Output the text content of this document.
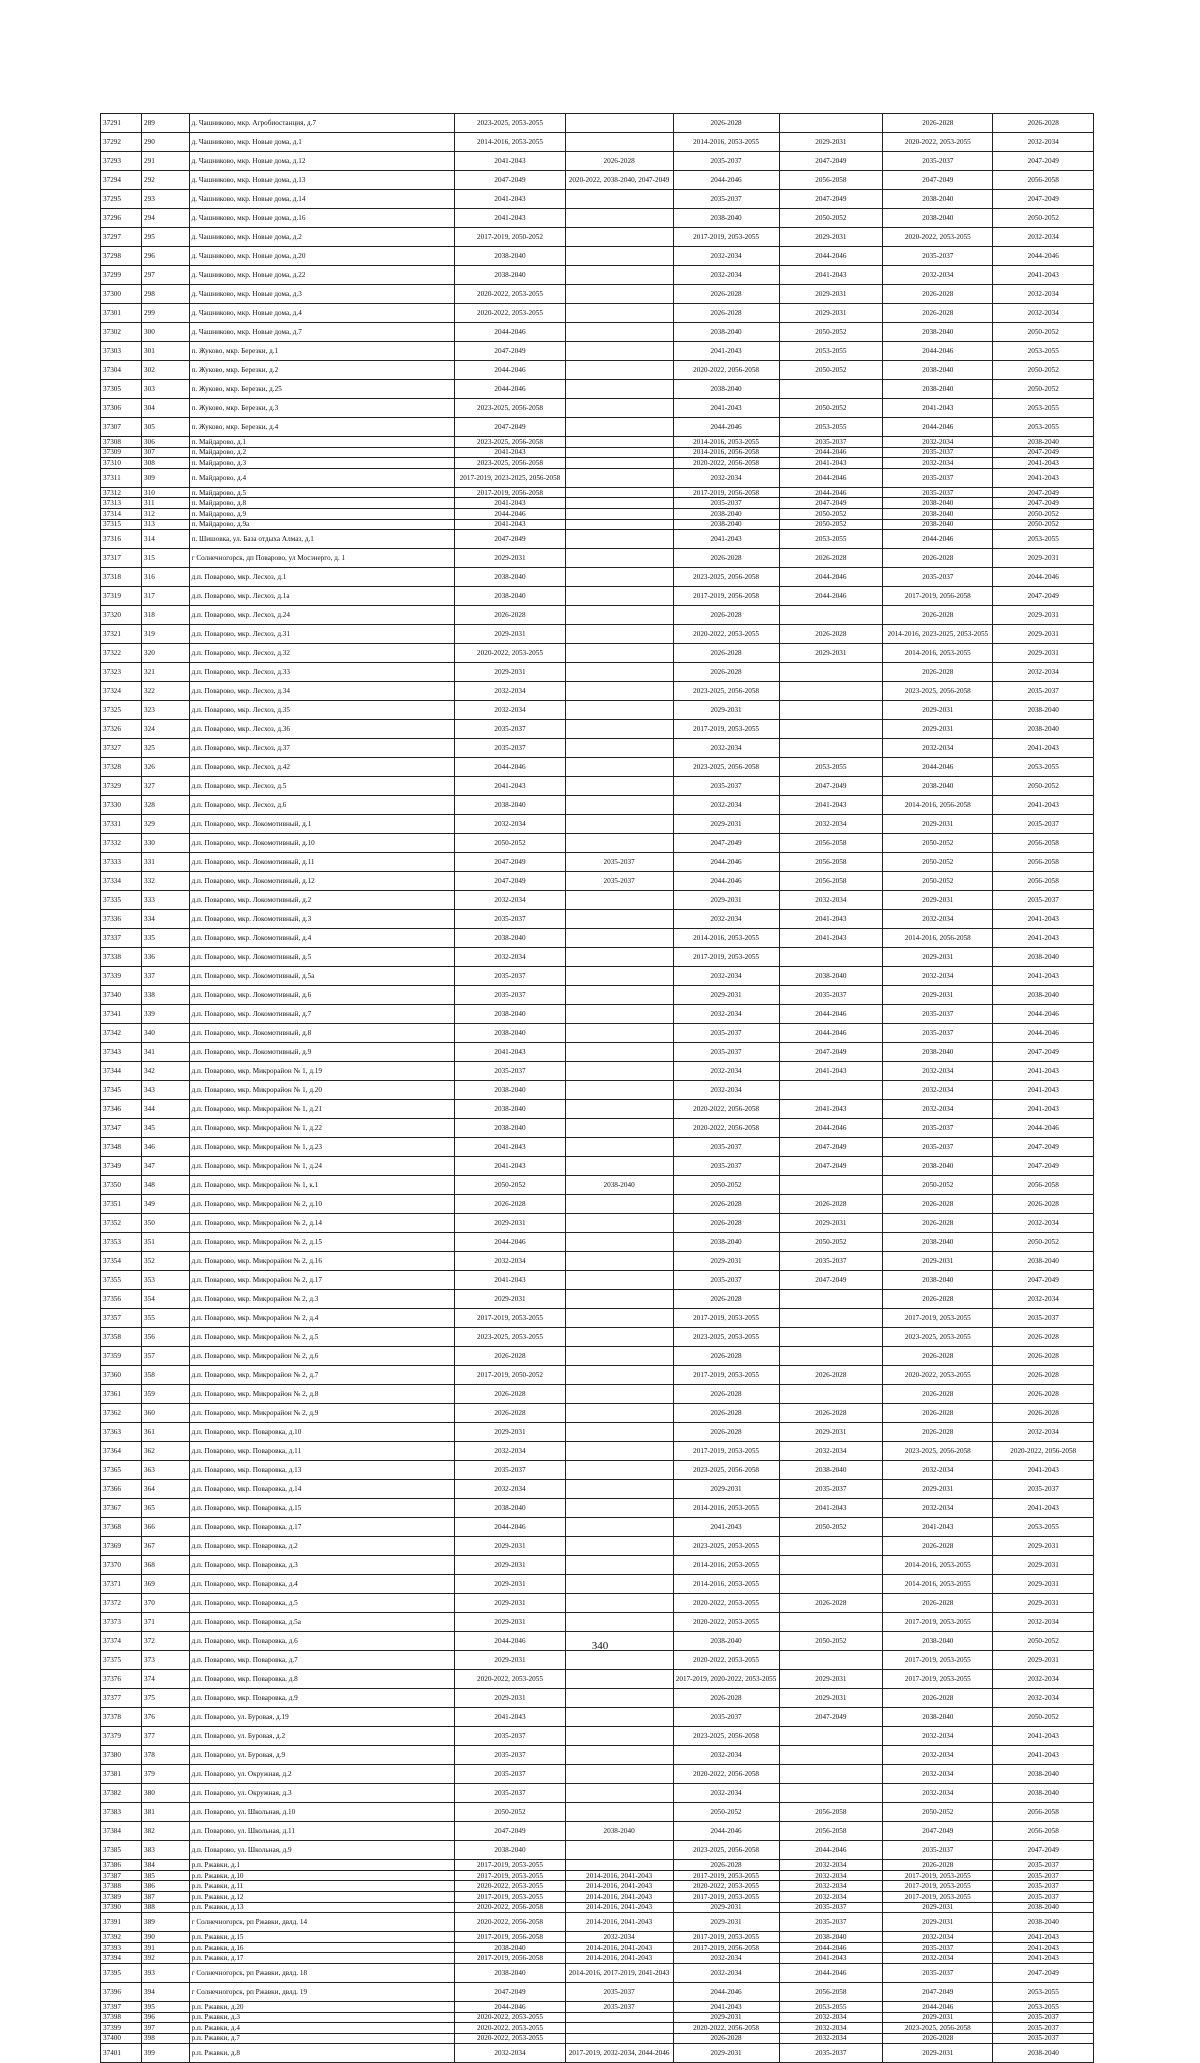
37291	289	д. Чашниково, мкр. Агробиостанция, д.7	2023-2025, 2053-2055		2026-2028		2026-2028	2026-2028
37292	290	д. Чашниково, мкр. Новые дома, д.1	2014-2016, 2053-2055		2014-2016, 2053-2055	2029-2031	2020-2022, 2053-2055	2032-2034
37293	291	д. Чашниково, мкр. Новые дома, д.12	2041-2043	2026-2028	2035-2037	2047-2049	2035-2037	2047-2049
37294	292	д. Чашниково, мкр. Новые дома, д.13	2047-2049	2020-2022, 2038-2040, 2047-2049	2044-2046	2056-2058	2047-2049	2056-2058
37295	293	д. Чашниково, мкр. Новые дома, д.14	2041-2043		2035-2037	2047-2049	2038-2040	2047-2049
37296	294	д. Чашниково, мкр. Новые дома, д.16	2041-2043		2038-2040	2050-2052	2038-2040	2050-2052
37297	295	д. Чашниково, мкр. Новые дома, д.2	2017-2019, 2050-2052		2017-2019, 2053-2055	2029-2031	2020-2022, 2053-2055	2032-2034
37298	296	д. Чашниково, мкр. Новые дома, д.20	2038-2040		2032-2034	2044-2046	2035-2037	2044-2046
37299	297	д. Чашниково, мкр. Новые дома, д.22	2038-2040		2032-2034	2041-2043	2032-2034	2041-2043
37300	298	д. Чашниково, мкр. Новые дома, д.3	2020-2022, 2053-2055		2026-2028	2029-2031	2026-2028	2032-2034
37301	299	д. Чашниково, мкр. Новые дома, д.4	2020-2022, 2053-2055		2026-2028	2029-2031	2026-2028	2032-2034
37302	300	д. Чашниково, мкр. Новые дома, д.7	2044-2046		2038-2040	2050-2052	2038-2040	2050-2052
37303	301	п. Жуково, мкр. Березки, д.1	2047-2049		2041-2043	2053-2055	2044-2046	2053-2055
37304	302	п. Жуково, мкр. Березки, д.2	2044-2046		2020-2022, 2056-2058	2050-2052	2038-2040	2050-2052
37305	303	п. Жуково, мкр. Березки, д.25	2044-2046		2038-2040		2038-2040	2050-2052
37306	304	п. Жуково, мкр. Березки, д.3	2023-2025, 2056-2058		2041-2043	2050-2052	2041-2043	2053-2055
37307	305	п. Жуково, мкр. Березки, д.4	2047-2049		2044-2046	2053-2055	2044-2046	2053-2055
37308	306	п. Майдарово, д.1	2023-2025, 2056-2058		2014-2016, 2053-2055	2035-2037	2032-2034	2038-2040
37309	307	п. Майдарово, д.2	2041-2043		2014-2016, 2056-2058	2044-2046	2035-2037	2047-2049
37310	308	п. Майдарово, д.3	2023-2025, 2056-2058		2020-2022, 2056-2058	2041-2043	2032-2034	2041-2043
37311	309	п. Майдарово, д.4	2017-2019, 2023-2025, 2056-2058		2032-2034	2044-2046	2035-2037	2041-2043
37312	310	п. Майдарово, д.5	2017-2019, 2056-2058		2017-2019, 2056-2058	2044-2046	2035-2037	2047-2049
37313	311	п. Майдарово, д.8	2041-2043		2035-2037	2047-2049	2038-2040	2047-2049
37314	312	п. Майдарово, д.9	2044-2046		2038-2040	2050-2052	2038-2040	2050-2052
37315	313	п. Майдарово, д.9а	2041-2043		2038-2040	2050-2052	2038-2040	2050-2052
37316	314	п. Шишовка, ул. База отдыха Алмаз, д.1	2047-2049		2041-2043	2053-2055	2044-2046	2053-2055
37317	315	г Солнечногорск, дп Поварово, ул Мосэнерго, д. 1	2029-2031		2026-2028	2026-2028	2026-2028	2029-2031
37318	316	д.п. Поварово, мкр. Лесхоз, д.1	2038-2040		2023-2025, 2056-2058	2044-2046	2035-2037	2044-2046
37319	317	д.п. Поварово, мкр. Лесхоз, д.1а	2038-2040		2017-2019, 2056-2058	2044-2046	2017-2019, 2056-2058	2047-2049
37320	318	д.п. Поварово, мкр. Лесхоз, д.24	2026-2028		2026-2028		2026-2028	2029-2031
37321	319	д.п. Поварово, мкр. Лесхоз, д.31	2029-2031		2020-2022, 2053-2055	2026-2028	2014-2016, 2023-2025, 2053-2055	2029-2031
37322	320	д.п. Поварово, мкр. Лесхоз, д.32	2020-2022, 2053-2055		2026-2028	2029-2031	2014-2016, 2053-2055	2029-2031
37323	321	д.п. Поварово, мкр. Лесхоз, д.33	2029-2031		2026-2028		2026-2028	2032-2034
37324	322	д.п. Поварово, мкр. Лесхоз, д.34	2032-2034		2023-2025, 2056-2058		2023-2025, 2056-2058	2035-2037
37325	323	д.п. Поварово, мкр. Лесхоз, д.35	2032-2034		2029-2031		2029-2031	2038-2040
37326	324	д.п. Поварово, мкр. Лесхоз, д.36	2035-2037		2017-2019, 2053-2055		2029-2031	2038-2040
37327	325	д.п. Поварово, мкр. Лесхоз, д.37	2035-2037		2032-2034		2032-2034	2041-2043
37328	326	д.п. Поварово, мкр. Лесхоз, д.42	2044-2046		2023-2025, 2056-2058	2053-2055	2044-2046	2053-2055
37329	327	д.п. Поварово, мкр. Лесхоз, д.5	2041-2043		2035-2037	2047-2049	2038-2040	2050-2052
37330	328	д.п. Поварово, мкр. Лесхоз, д.6	2038-2040		2032-2034	2041-2043	2014-2016, 2056-2058	2041-2043
37331	329	д.п. Поварово, мкр. Локомотивный, д.1	2032-2034		2029-2031	2032-2034	2029-2031	2035-2037
37332	330	д.п. Поварово, мкр. Локомотивный, д.10	2050-2052		2047-2049	2056-2058	2050-2052	2056-2058
37333	331	д.п. Поварово, мкр. Локомотивный, д.11	2047-2049	2035-2037	2044-2046	2056-2058	2050-2052	2056-2058
37334	332	д.п. Поварово, мкр. Локомотивный, д.12	2047-2049	2035-2037	2044-2046	2056-2058	2050-2052	2056-2058
37335	333	д.п. Поварово, мкр. Локомотивный, д.2	2032-2034		2029-2031	2032-2034	2029-2031	2035-2037
37336	334	д.п. Поварово, мкр. Локомотивный, д.3	2035-2037		2032-2034	2041-2043	2032-2034	2041-2043
37337	335	д.п. Поварово, мкр. Локомотивный, д.4	2038-2040		2014-2016, 2053-2055	2041-2043	2014-2016, 2056-2058	2041-2043
37338	336	д.п. Поварово, мкр. Локомотивный, д.5	2032-2034		2017-2019, 2053-2055		2029-2031	2038-2040
37339	337	д.п. Поварово, мкр. Локомотивный, д.5а	2035-2037		2032-2034	2038-2040	2032-2034	2041-2043
37340	338	д.п. Поварово, мкр. Локомотивный, д.6	2035-2037		2029-2031	2035-2037	2029-2031	2038-2040
37341	339	д.п. Поварово, мкр. Локомотивный, д.7	2038-2040		2032-2034	2044-2046	2035-2037	2044-2046
37342	340	д.п. Поварово, мкр. Локомотивный, д.8	2038-2040		2035-2037	2044-2046	2035-2037	2044-2046
37343	341	д.п. Поварово, мкр. Локомотивный, д.9	2041-2043		2035-2037	2047-2049	2038-2040	2047-2049
37344	342	д.п. Поварово, мкр. Микрорайон № 1, д.19	2035-2037		2032-2034	2041-2043	2032-2034	2041-2043
37345	343	д.п. Поварово, мкр. Микрорайон № 1, д.20	2038-2040		2032-2034		2032-2034	2041-2043
37346	344	д.п. Поварово, мкр. Микрорайон № 1, д.21	2038-2040		2020-2022, 2056-2058	2041-2043	2032-2034	2041-2043
37347	345	д.п. Поварово, мкр. Микрорайон № 1, д.22	2038-2040		2020-2022, 2056-2058	2044-2046	2035-2037	2044-2046
37348	346	д.п. Поварово, мкр. Микрорайон № 1, д.23	2041-2043		2035-2037	2047-2049	2035-2037	2047-2049
37349	347	д.п. Поварово, мкр. Микрорайон № 1, д.24	2041-2043		2035-2037	2047-2049	2038-2040	2047-2049
37350	348	д.п. Поварово, мкр. Микрорайон № 1, к.1	2050-2052	2038-2040	2050-2052		2050-2052	2056-2058
37351	349	д.п. Поварово, мкр. Микрорайон № 2, д.10	2026-2028		2026-2028	2026-2028	2026-2028	2026-2028
37352	350	д.п. Поварово, мкр. Микрорайон № 2, д.14	2029-2031		2026-2028	2029-2031	2026-2028	2032-2034
37353	351	д.п. Поварово, мкр. Микрорайон № 2, д.15	2044-2046		2038-2040	2050-2052	2038-2040	2050-2052
37354	352	д.п. Поварово, мкр. Микрорайон № 2, д.16	2032-2034		2029-2031	2035-2037	2029-2031	2038-2040
37355	353	д.п. Поварово, мкр. Микрорайон № 2, д.17	2041-2043		2035-2037	2047-2049	2038-2040	2047-2049
37356	354	д.п. Поварово, мкр. Микрорайон № 2, д.3	2029-2031		2026-2028		2026-2028	2032-2034
37357	355	д.п. Поварово, мкр. Микрорайон № 2, д.4	2017-2019, 2053-2055		2017-2019, 2053-2055		2017-2019, 2053-2055	2035-2037
37358	356	д.п. Поварово, мкр. Микрорайон № 2, д.5	2023-2025, 2053-2055		2023-2025, 2053-2055		2023-2025, 2053-2055	2026-2028
37359	357	д.п. Поварово, мкр. Микрорайон № 2, д.6	2026-2028		2026-2028		2026-2028	2026-2028
37360	358	д.п. Поварово, мкр. Микрорайон № 2, д.7	2017-2019, 2050-2052		2017-2019, 2053-2055	2026-2028	2020-2022, 2053-2055	2026-2028
37361	359	д.п. Поварово, мкр. Микрорайон № 2, д.8	2026-2028		2026-2028		2026-2028	2026-2028
37362	360	д.п. Поварово, мкр. Микрорайон № 2, д.9	2026-2028		2026-2028	2026-2028	2026-2028	2026-2028
37363	361	д.п. Поварово, мкр. Поваровка, д.10	2029-2031		2026-2028	2029-2031	2026-2028	2032-2034
37364	362	д.п. Поварово, мкр. Поваровка, д.11	2032-2034		2017-2019, 2053-2055	2032-2034	2023-2025, 2056-2058	2020-2022, 2056-2058
37365	363	д.п. Поварово, мкр. Поваровка, д.13	2035-2037		2023-2025, 2056-2058	2038-2040	2032-2034	2041-2043
37366	364	д.п. Поварово, мкр. Поваровка, д.14	2032-2034		2029-2031	2035-2037	2029-2031	2035-2037
37367	365	д.п. Поварово, мкр. Поваровка, д.15	2038-2040		2014-2016, 2053-2055	2041-2043	2032-2034	2041-2043
37368	366	д.п. Поварово, мкр. Поваровка, д.17	2044-2046		2041-2043	2050-2052	2041-2043	2053-2055
37369	367	д.п. Поварово, мкр. Поваровка, д.2	2029-2031		2023-2025, 2053-2055		2026-2028	2029-2031
37370	368	д.п. Поварово, мкр. Поваровка, д.3	2029-2031		2014-2016, 2053-2055		2014-2016, 2053-2055	2029-2031
37371	369	д.п. Поварово, мкр. Поваровка, д.4	2029-2031		2014-2016, 2053-2055		2014-2016, 2053-2055	2029-2031
37372	370	д.п. Поварово, мкр. Поваровка, д.5	2029-2031		2020-2022, 2053-2055	2026-2028	2026-2028	2029-2031
37373	371	д.п. Поварово, мкр. Поваровка, д.5а	2029-2031		2020-2022, 2053-2055		2017-2019, 2053-2055	2032-2034
37374	372	д.п. Поварово, мкр. Поваровка, д.6	2044-2046		2038-2040	2050-2052	2038-2040	2050-2052
37375	373	д.п. Поварово, мкр. Поваровка, д.7	2029-2031		2020-2022, 2053-2055		2017-2019, 2053-2055	2029-2031
37376	374	д.п. Поварово, мкр. Поваровка, д.8	2020-2022, 2053-2055		2017-2019, 2020-2022, 2053-2055	2029-2031	2017-2019, 2053-2055	2032-2034
37377	375	д.п. Поварово, мкр. Поваровка, д.9	2029-2031		2026-2028	2029-2031	2026-2028	2032-2034
37378	376	д.п. Поварово, ул. Буровая, д.19	2041-2043		2035-2037	2047-2049	2038-2040	2050-2052
37379	377	д.п. Поварово, ул. Буровая, д.2	2035-2037		2023-2025, 2056-2058		2032-2034	2041-2043
37380	378	д.п. Поварово, ул. Буровая, д.9	2035-2037		2032-2034		2032-2034	2041-2043
37381	379	д.п. Поварово, ул. Окружная, д.2	2035-2037		2020-2022, 2056-2058		2032-2034	2038-2040
37382	380	д.п. Поварово, ул. Окружная, д.3	2035-2037		2032-2034		2032-2034	2038-2040
37383	381	д.п. Поварово, ул. Школьная, д.10	2050-2052		2050-2052	2056-2058	2050-2052	2056-2058
37384	382	д.п. Поварово, ул. Школьная, д.11	2047-2049	2038-2040	2044-2046	2056-2058	2047-2049	2056-2058
37385	383	д.п. Поварово, ул. Школьная, д.9	2038-2040		2023-2025, 2056-2058	2044-2046	2035-2037	2047-2049
37386	384	р.п. Ржавки, д.1	2017-2019, 2053-2055		2026-2028	2032-2034	2026-2028	2035-2037
37387	385	р.п. Ржавки, д.10	2017-2019, 2053-2055	2014-2016, 2041-2043	2017-2019, 2053-2055	2032-2034	2017-2019, 2053-2055	2035-2037
37388	386	р.п. Ржавки, д.11	2020-2022, 2053-2055	2014-2016, 2041-2043	2020-2022, 2053-2055	2032-2034	2017-2019, 2053-2055	2035-2037
37389	387	р.п. Ржавки, д.12	2017-2019, 2053-2055	2014-2016, 2041-2043	2017-2019, 2053-2055	2032-2034	2017-2019, 2053-2055	2035-2037
37390	388	р.п. Ржавки, д.13	2020-2022, 2056-2058	2014-2016, 2041-2043	2029-2031	2035-2037	2029-2031	2038-2040
37391	389	г Солнечногорск, рп Ржавки, двлд. 14	2020-2022, 2056-2058	2014-2016, 2041-2043	2029-2031	2035-2037	2029-2031	2038-2040
37392	390	р.п. Ржавки, д.15	2017-2019, 2056-2058	2032-2034	2017-2019, 2053-2055	2038-2040	2032-2034	2041-2043
37393	391	р.п. Ржавки, д.16	2038-2040	2014-2016, 2041-2043	2017-2019, 2056-2058	2044-2046	2035-2037	2041-2043
37394	392	р.п. Ржавки, д.17	2017-2019, 2056-2058	2014-2016, 2041-2043	2032-2034	2041-2043	2032-2034	2041-2043
37395	393	г Солнечногорск, рп Ржавки, двлд. 18	2038-2040	2014-2016, 2017-2019, 2041-2043	2032-2034	2044-2046	2035-2037	2047-2049
37396	394	г Солнечногорск, рп Ржавки, двлд. 19	2047-2049	2035-2037	2044-2046	2056-2058	2047-2049	2053-2055
37397	395	р.п. Ржавки, д.20	2044-2046	2035-2037	2041-2043	2053-2055	2044-2046	2053-2055
37398	396	р.п. Ржавки, д.3	2020-2022, 2053-2055		2029-2031	2032-2034	2029-2031	2035-2037
37399	397	р.п. Ржавки, д.4	2020-2022, 2053-2055		2020-2022, 2056-2058	2032-2034	2023-2025, 2056-2058	2035-2037
37400	398	р.п. Ржавки, д.7	2020-2022, 2053-2055		2026-2028	2032-2034	2026-2028	2035-2037
37401	399	р.п. Ржавки, д.8	2032-2034	2017-2019, 2032-2034, 2044-2046	2029-2031	2035-2037	2029-2031	2038-2040
340
